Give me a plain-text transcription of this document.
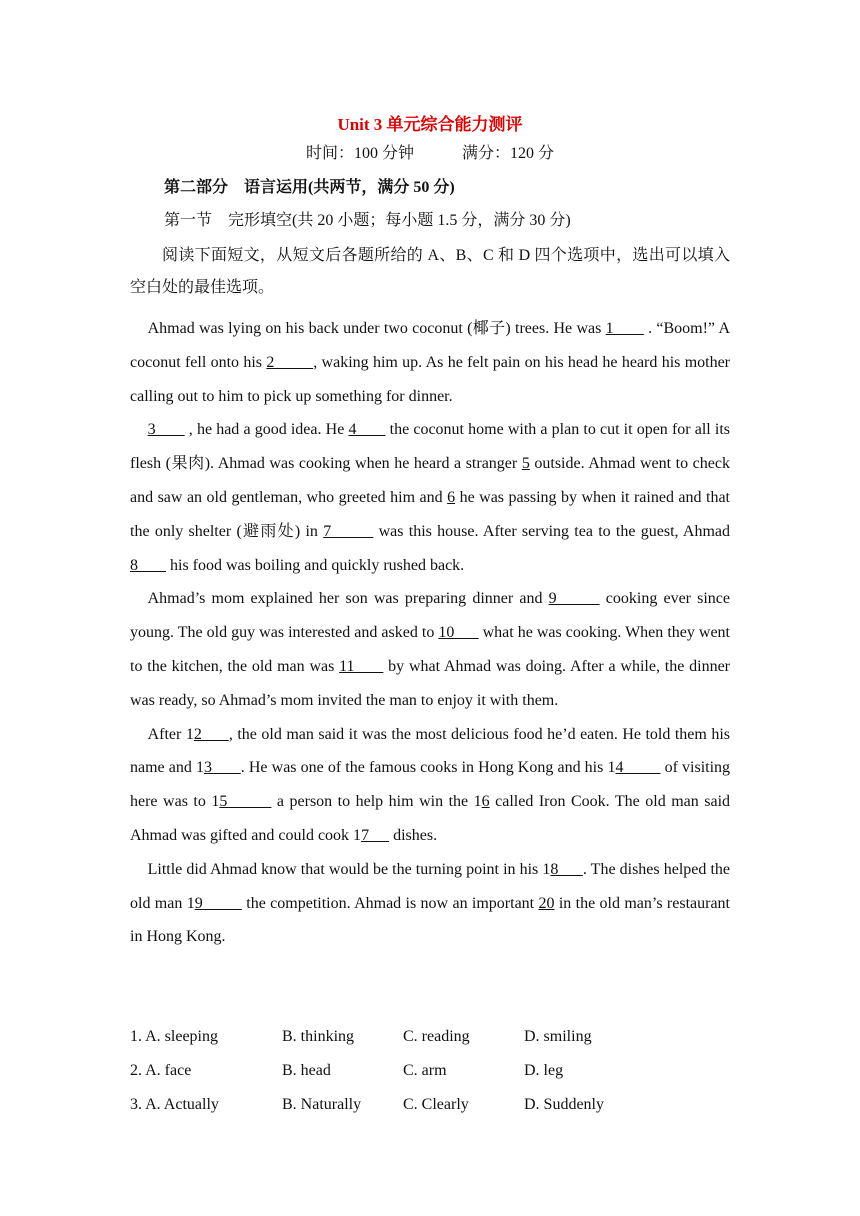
Unit 3 单元综合能力测评
时间：100 分钟            满分：120 分
第二部分    语言运用(共两节，满分 50 分)
第一节    完形填空(共 20 小题；每小题 1.5 分，满分 30 分)
阅读下面短文，从短文后各题所给的 A、B、C 和 D 四个选项中，选出可以填入空白处的最佳选项。

Ahmad was lying on his back under two coconut (椰子) trees. He was 1        . “Boom!” A coconut fell onto his 2         , waking him up. As he felt pain on his head he heard his mother calling out to him to pick up something for dinner.

3        , he had a good idea. He 4        the coconut home with a plan to cut it open for all its flesh (果肉). Ahmad was cooking when he heard a stranger 5 outside. Ahmad went to check and saw an old gentleman, who greeted him and 6 he was passing by when it rained and that the only shelter (避雨处) in 7         was this house. After serving tea to the guest, Ahmad 8        his food was boiling and quickly rushed back.

Ahmad’s mom explained her son was preparing dinner and 9        cooking ever since young. The old guy was interested and asked to 10       what he was cooking. When they went to the kitchen, the old man was 11       by what Ahmad was doing. After a while, the dinner was ready, so Ahmad’s mom invited the man to enjoy it with them.

After 12      , the old man said it was the most delicious food he’d eaten. He told them his name and 13       . He was one of the famous cooks in Hong Kong and his 14          of visiting here was to 15         a person to help him win the 16 called Iron Cook. The old man said Ahmad was gifted and could cook 17      dishes.

Little did Ahmad know that would be the turning point in his 18      . The dishes helped the old man 19          the competition. Ahmad is now an important 20 in the old man’s restaurant in Hong Kong.

1. A. sleeping	B. thinking	C. reading	D. smiling
2. A. face	B. head	C. arm	D. leg
3. A. Actually	B. Naturally	C. Clearly	D. Suddenly
